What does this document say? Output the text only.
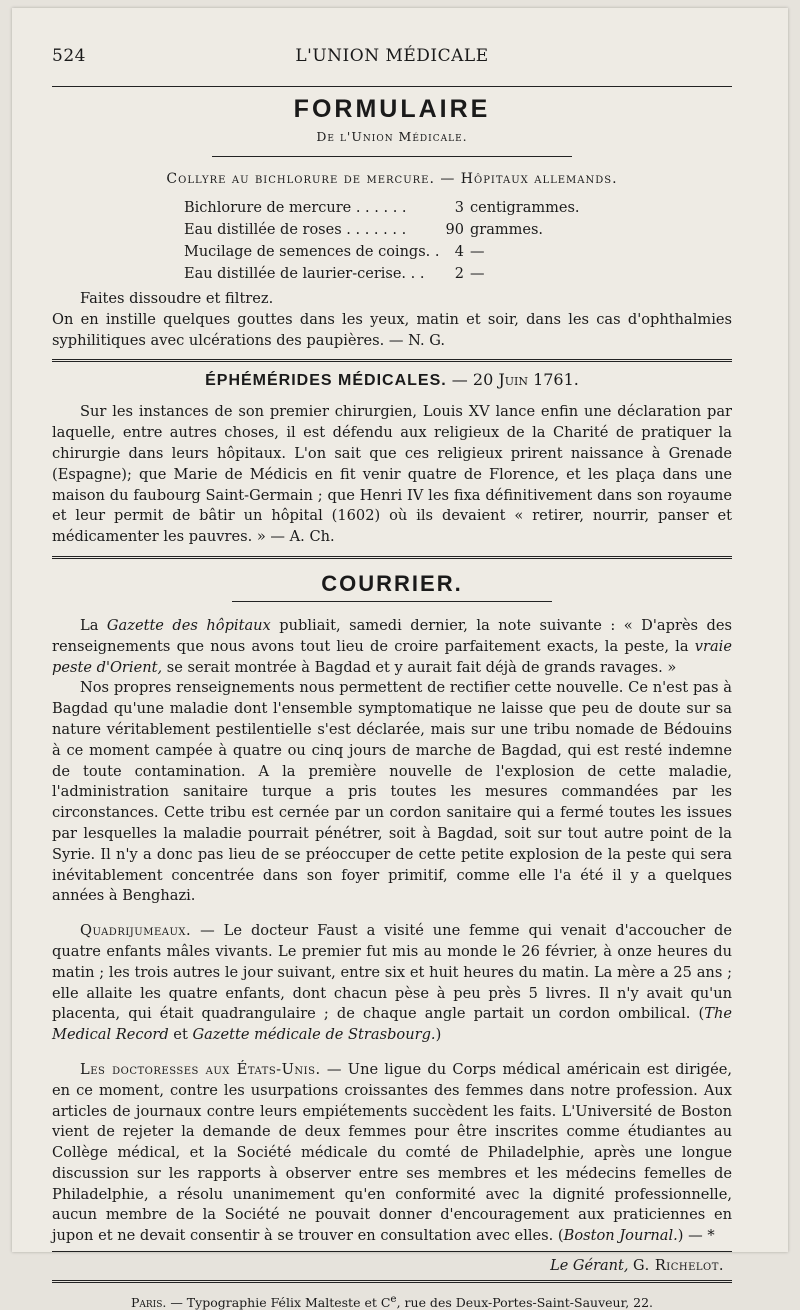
524	L'UNION MÉDICALE
FORMULAIRE
De l'Union Médicale.
Collyre au bichlorure de mercure. — Hôpitaux allemands.
Bichlorure de mercure . . . . . .	3 centigrammes.
Eau distillée de roses . . . . . . .	90 grammes.
Mucilage de semences de coings. .	4 —
Eau distillée de laurier-cerise. . .	2 —

Faites dissoudre et filtrez.

On en instille quelques gouttes dans les yeux, matin et soir, dans les cas d'ophthalmies syphilitiques avec ulcérations des paupières. — N. G.

ÉPHÉMÉRIDES MÉDICALES. — 20 Juin 1761.

Sur les instances de son premier chirurgien, Louis XV lance enfin une déclaration par laquelle, entre autres choses, il est défendu aux religieux de la Charité de pratiquer la chirurgie dans leurs hôpitaux. L'on sait que ces religieux prirent naissance à Grenade (Espagne); que Marie de Médicis en fit venir quatre de Florence, et les plaça dans une maison du faubourg Saint-Germain ; que Henri IV les fixa définitivement dans son royaume et leur permit de bâtir un hôpital (1602) où ils devaient « retirer, nourrir, panser et médicamenter les pauvres. » — A. Ch.

COURRIER.

La Gazette des hôpitaux publiait, samedi dernier, la note suivante : « D'après des renseignements que nous avons tout lieu de croire parfaitement exacts, la peste, la vraie peste d'Orient, se serait montrée à Bagdad et y aurait fait déjà de grands ravages. »

Nos propres renseignements nous permettent de rectifier cette nouvelle. Ce n'est pas à Bagdad qu'une maladie dont l'ensemble symptomatique ne laisse que peu de doute sur sa nature véritablement pestilentielle s'est déclarée, mais sur une tribu nomade de Bédouins à ce moment campée à quatre ou cinq jours de marche de Bagdad, qui est resté indemne de toute contamination. A la première nouvelle de l'explosion de cette maladie, l'administration sanitaire turque a pris toutes les mesures commandées par les circonstances. Cette tribu est cernée par un cordon sanitaire qui a fermé toutes les issues par lesquelles la maladie pourrait pénétrer, soit à Bagdad, soit sur tout autre point de la Syrie. Il n'y a donc pas lieu de se préoccuper de cette petite explosion de la peste qui sera inévitablement concentrée dans son foyer primitif, comme elle l'a été il y a quelques années à Benghazi.

Quadrijumeaux. — Le docteur Faust a visité une femme qui venait d'accoucher de quatre enfants mâles vivants. Le premier fut mis au monde le 26 février, à onze heures du matin ; les trois autres le jour suivant, entre six et huit heures du matin. La mère a 25 ans ; elle allaite les quatre enfants, dont chacun pèse à peu près 5 livres. Il n'y avait qu'un placenta, qui était quadrangulaire ; de chaque angle partait un cordon ombilical. (The Medical Record et Gazette médicale de Strasbourg.)

Les doctoresses aux États-Unis. — Une ligue du Corps médical américain est dirigée, en ce moment, contre les usurpations croissantes des femmes dans notre profession. Aux articles de journaux contre leurs empiétements succèdent les faits. L'Université de Boston vient de rejeter la demande de deux femmes pour être inscrites comme étudiantes au Collège médical, et la Société médicale du comté de Philadelphie, après une longue discussion sur les rapports à observer entre ses membres et les médecins femelles de Philadelphie, a résolu unanimement qu'en conformité avec la dignité professionnelle, aucun membre de la Société ne pouvait donner d'encouragement aux praticiennes en jupon et ne devait consentir à se trouver en consultation avec elles. (Boston Journal.) — *

Le Gérant, G. Richelot.
Paris. — Typographie Félix Malteste et Ce, rue des Deux-Portes-Saint-Sauveur, 22.
